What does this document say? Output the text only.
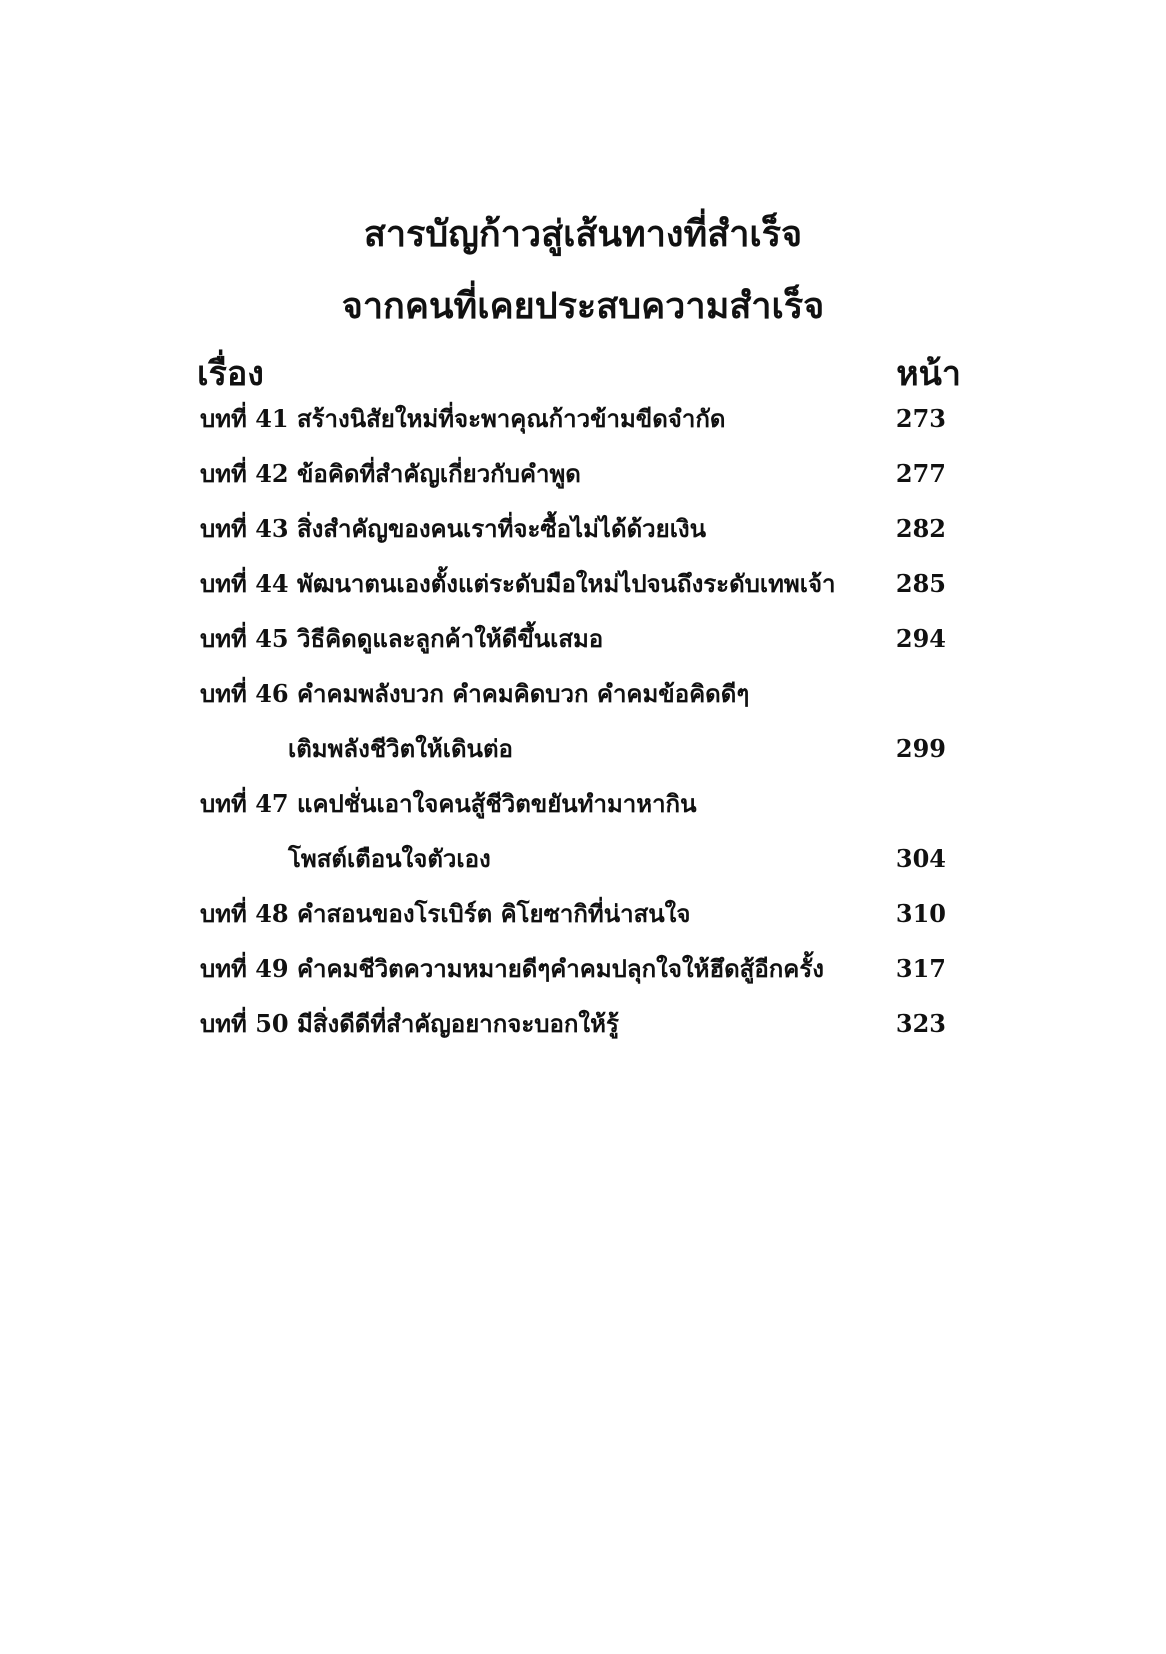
สารบัญก้าวสู่เส้นทางที่สำเร็จ
จากคนที่เคยประสบความสำเร็จ
เรื่อง	หน้า
บทที่ 41 สร้างนิสัยใหม่ที่จะพาคุณก้าวข้ามขีดจำกัด	273
บทที่ 42 ข้อคิดที่สำคัญเกี่ยวกับคำพูด	277
บทที่ 43 สิ่งสำคัญของคนเราที่จะซื้อไม่ได้ด้วยเงิน	282
บทที่ 44 พัฒนาตนเองตั้งแต่ระดับมือใหม่ไปจนถึงระดับเทพเจ้า	285
บทที่ 45 วิธีคิดดูและลูกค้าให้ดีขึ้นเสมอ	294
บทที่ 46 คำคมพลังบวก คำคมคิดบวก คำคมข้อคิดดีๆ
เติมพลังชีวิตให้เดินต่อ	299
บทที่ 47 แคปชั่นเอาใจคนสู้ชีวิตขยันทำมาหากิน
โพสต์เตือนใจตัวเอง	304
บทที่ 48 คำสอนของโรเบิร์ต คิโยซากิที่น่าสนใจ	310
บทที่ 49 คำคมชีวิตความหมายดีๆคำคมปลุกใจให้ฮึดสู้อีกครั้ง	317
บทที่ 50 มีสิ่งดีดีที่สำคัญอยากจะบอกให้รู้	323
